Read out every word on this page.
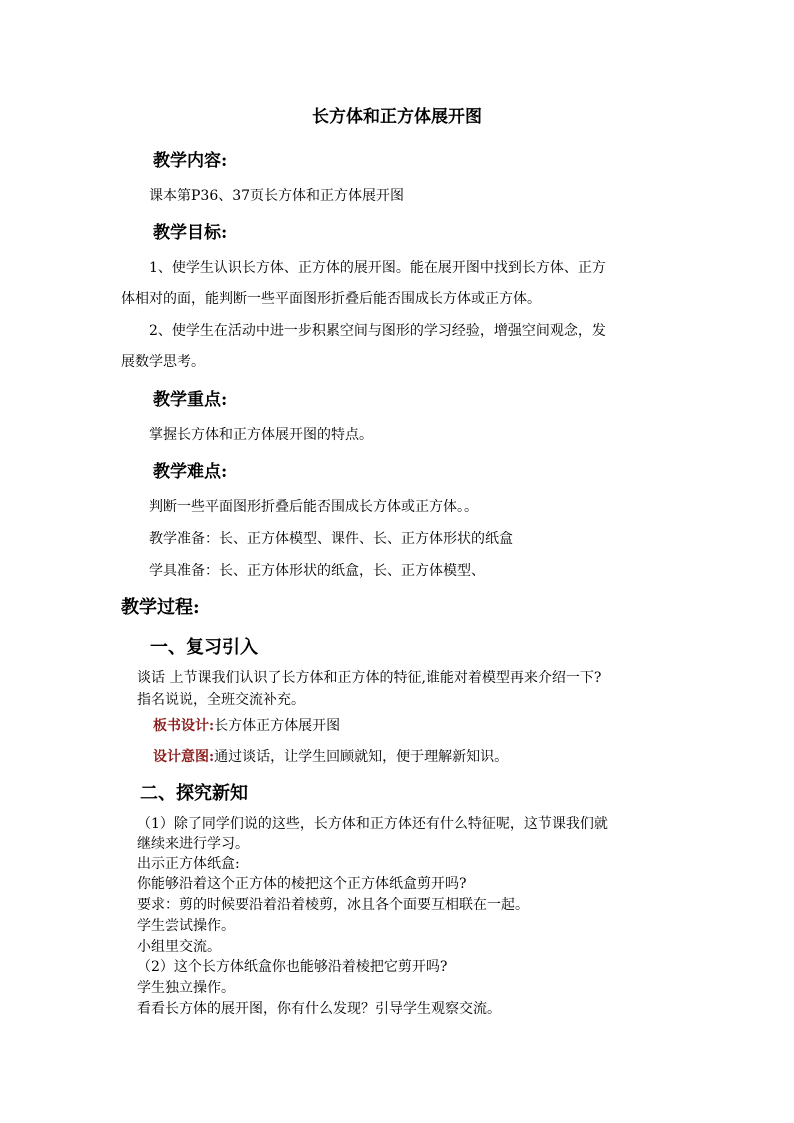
长方体和正方体展开图
教学内容:
课本第P36、37页长方体和正方体展开图
教学目标:
1、使学生认识长方体、正方体的展开图。能在展开图中找到长方体、正方
体相对的面，能判断一些平面图形折叠后能否围成长方体或正方体。
2、使学生在活动中进一步积累空间与图形的学习经验，增强空间观念，发
展数学思考。
教学重点:
掌握长方体和正方体展开图的特点。
教学难点:
判断一些平面图形折叠后能否围成长方体或正方体。。
教学准备：长、正方体模型、课件、长、正方体形状的纸盒
学具准备：长、正方体形状的纸盒，长、正方体模型、
教学过程:
一、复习引入
谈话 上节课我们认识了长方体和正方体的特征,谁能对着模型再来介绍一下?
指名说说，全班交流补充。
板书设计:长方体正方体展开图
设计意图:通过谈话，让学生回顾就知，便于理解新知识。
二、探究新知
（1）除了同学们说的这些，长方体和正方体还有什么特征呢，这节课我们就
继续来进行学习。
出示正方体纸盒:
你能够沿着这个正方体的棱把这个正方体纸盒剪开吗?
要求：剪的时候要沿着沿着棱剪，冰且各个面要互相联在一起。
学生尝试操作。
小组里交流。
（2）这个长方体纸盒你也能够沿着棱把它剪开吗?
学生独立操作。
看看长方体的展开图，你有什么发现？引导学生观察交流。
